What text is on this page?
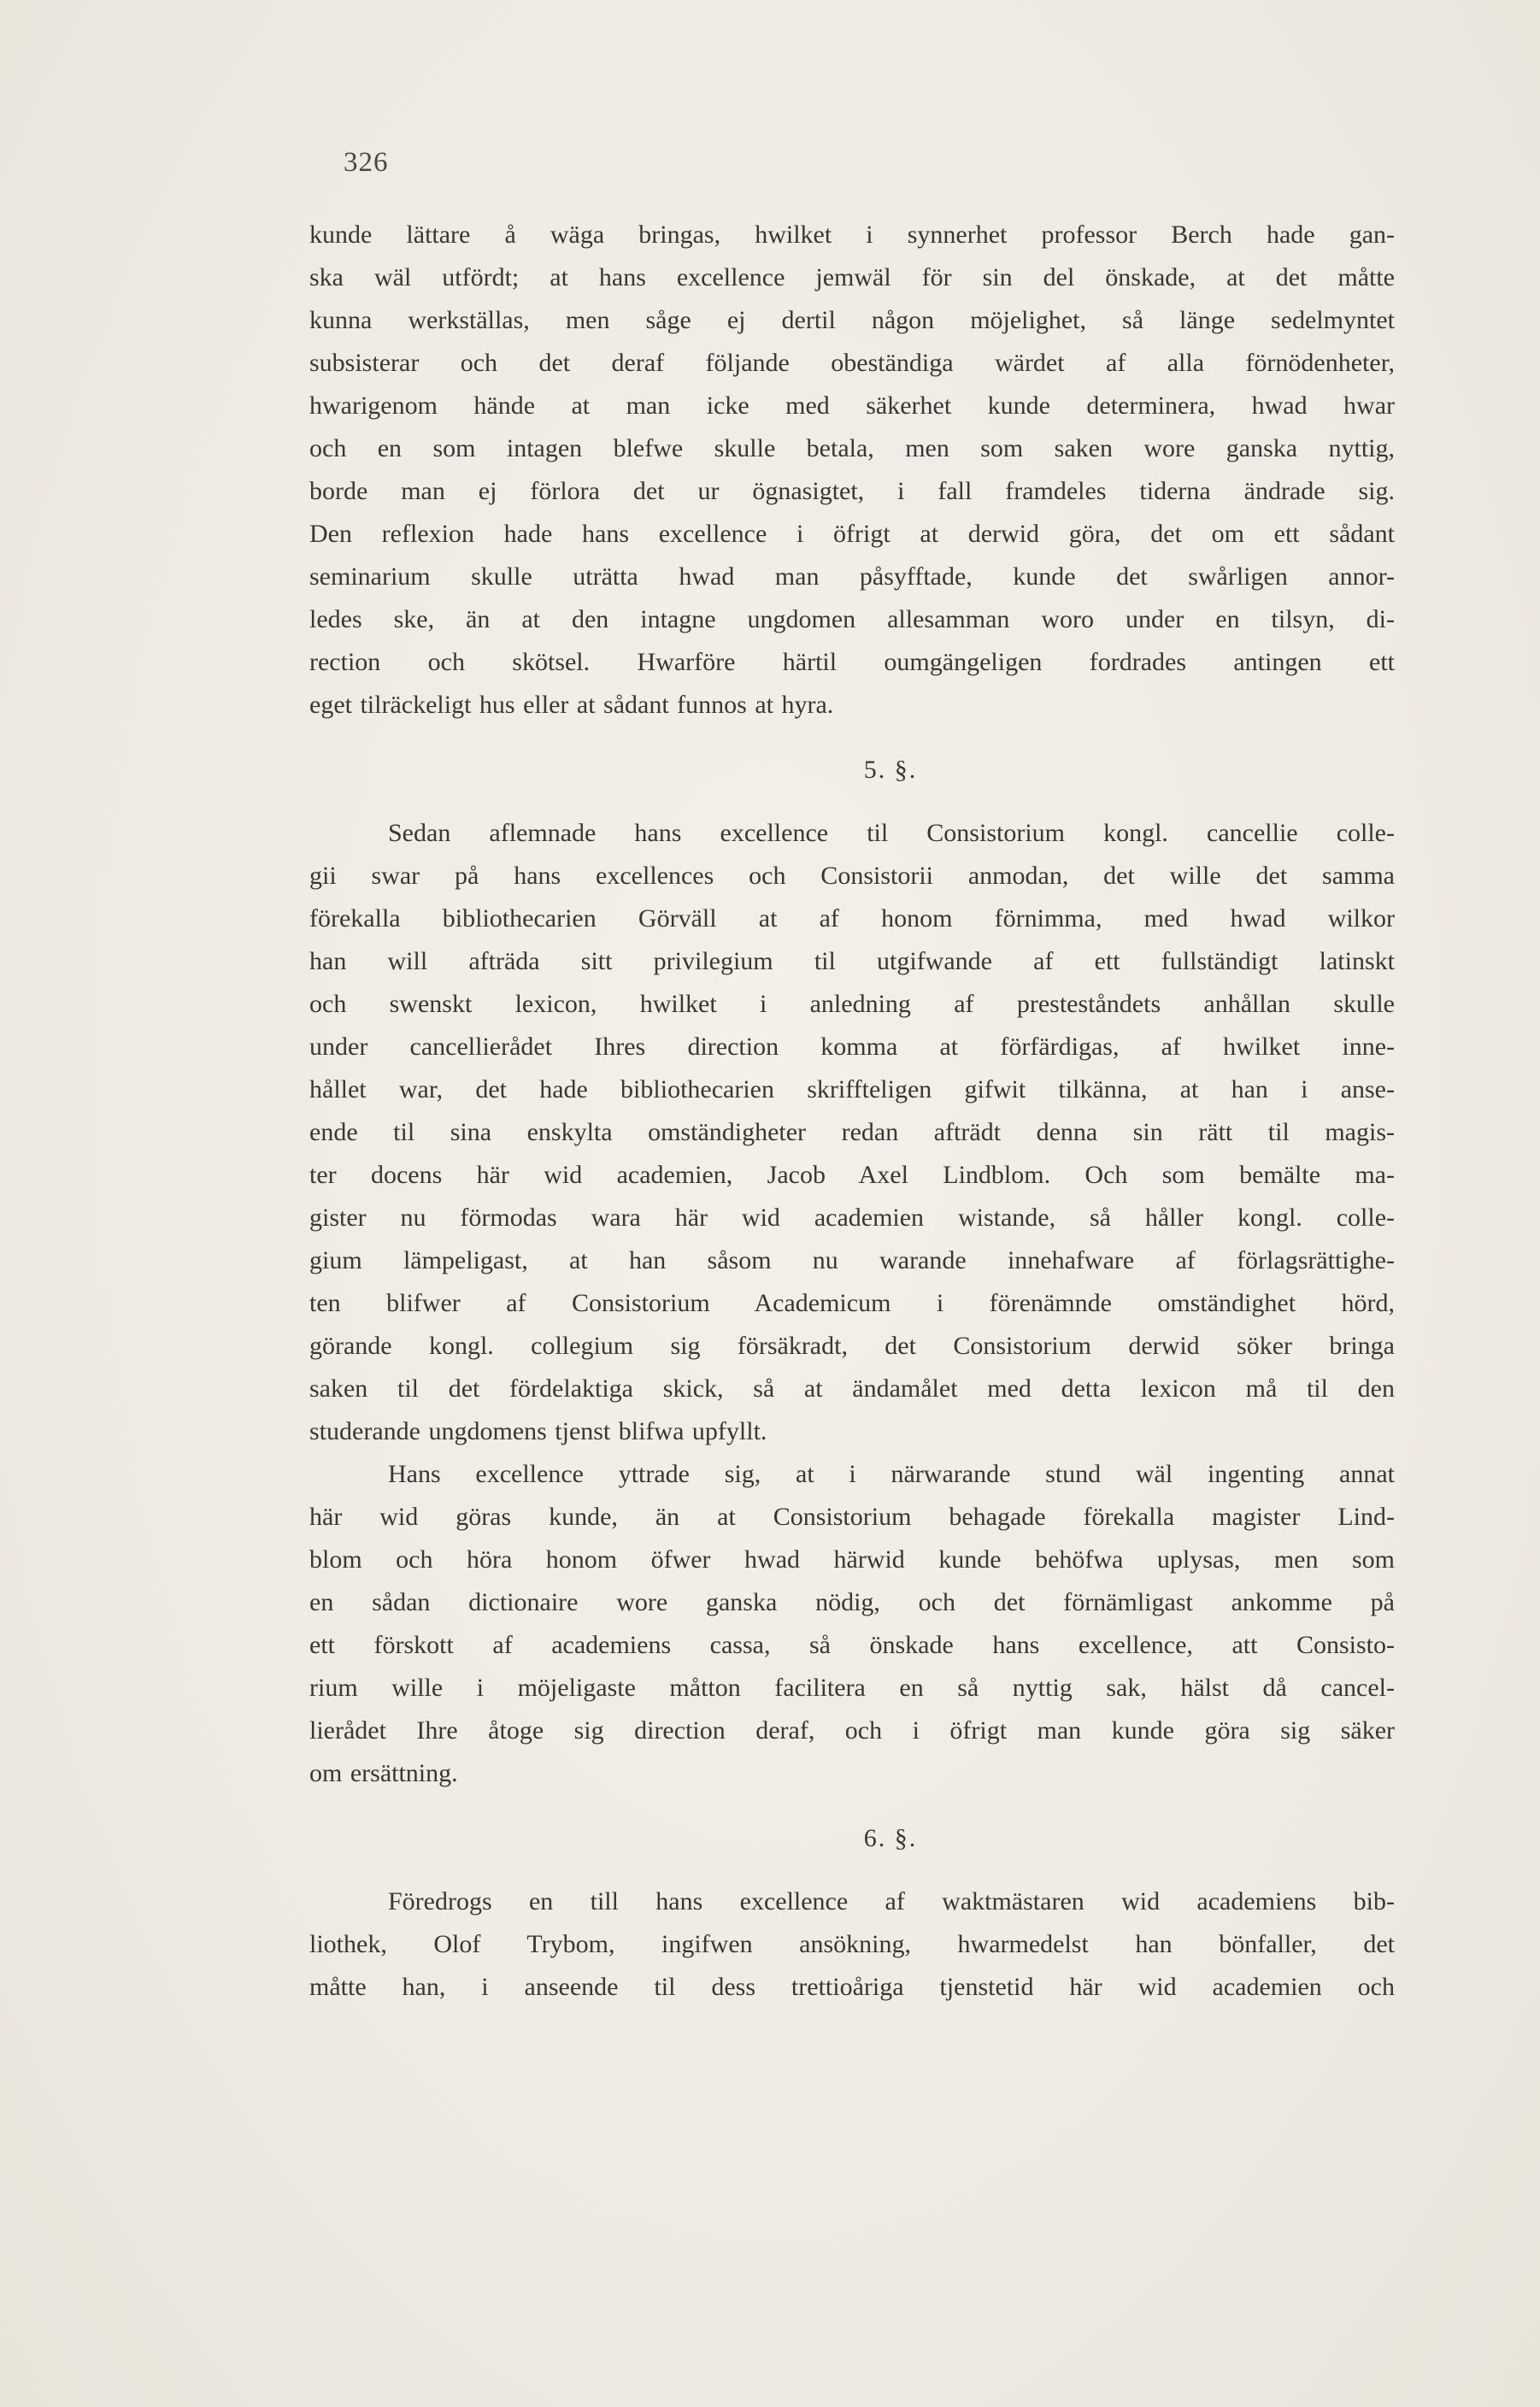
326
kunde lättare å wäga bringas, hwilket i synnerhet professor Berch hade gan-
ska wäl utfördt; at hans excellence jemwäl för sin del önskade, at det måtte
kunna werkställas, men såge ej dertil någon möjelighet, så länge sedelmyntet
subsisterar och det deraf följande obeständiga wärdet af alla förnödenheter,
hwarigenom hände at man icke med säkerhet kunde determinera, hwad hwar
och en som intagen blefwe skulle betala, men som saken wore ganska nyttig,
borde man ej förlora det ur ögnasigtet, i fall framdeles tiderna ändrade sig.
Den reflexion hade hans excellence i öfrigt at derwid göra, det om ett sådant
seminarium skulle uträtta hwad man påsyfftade, kunde det swårligen annor-
ledes ske, än at den intagne ungdomen allesamman woro under en tilsyn, di-
rection och skötsel. Hwarföre härtil oumgängeligen fordrades antingen ett
eget tilräckeligt hus eller at sådant funnos at hyra.
5. §.
Sedan aflemnade hans excellence til Consistorium kongl. cancellie colle-
gii swar på hans excellences och Consistorii anmodan, det wille det samma
förekalla bibliothecarien Görväll at af honom förnimma, med hwad wilkor
han will afträda sitt privilegium til utgifwande af ett fullständigt latinskt
och swenskt lexicon, hwilket i anledning af presteståndets anhållan skulle
under cancellierådet Ihres direction komma at förfärdigas, af hwilket inne-
hållet war, det hade bibliothecarien skriffteligen gifwit tilkänna, at han i anse-
ende til sina enskylta omständigheter redan afträdt denna sin rätt til magis-
ter docens här wid academien, Jacob Axel Lindblom. Och som bemälte ma-
gister nu förmodas wara här wid academien wistande, så håller kongl. colle-
gium lämpeligast, at han såsom nu warande innehafware af förlagsrättighe-
ten blifwer af Consistorium Academicum i förenämnde omständighet hörd,
görande kongl. collegium sig försäkradt, det Consistorium derwid söker bringa
saken til det fördelaktiga skick, så at ändamålet med detta lexicon må til den
studerande ungdomens tjenst blifwa upfyllt.
Hans excellence yttrade sig, at i närwarande stund wäl ingenting annat
här wid göras kunde, än at Consistorium behagade förekalla magister Lind-
blom och höra honom öfwer hwad härwid kunde behöfwa uplysas, men som
en sådan dictionaire wore ganska nödig, och det förnämligast ankomme på
ett förskott af academiens cassa, så önskade hans excellence, att Consisto-
rium wille i möjeligaste måtton facilitera en så nyttig sak, hälst då cancel-
lierådet Ihre åtoge sig direction deraf, och i öfrigt man kunde göra sig säker
om ersättning.
6. §.
Föredrogs en till hans excellence af waktmästaren wid academiens bib-
liothek, Olof Trybom, ingifwen ansökning, hwarmedelst han bönfaller, det
måtte han, i anseende til dess trettioåriga tjenstetid här wid academien och
